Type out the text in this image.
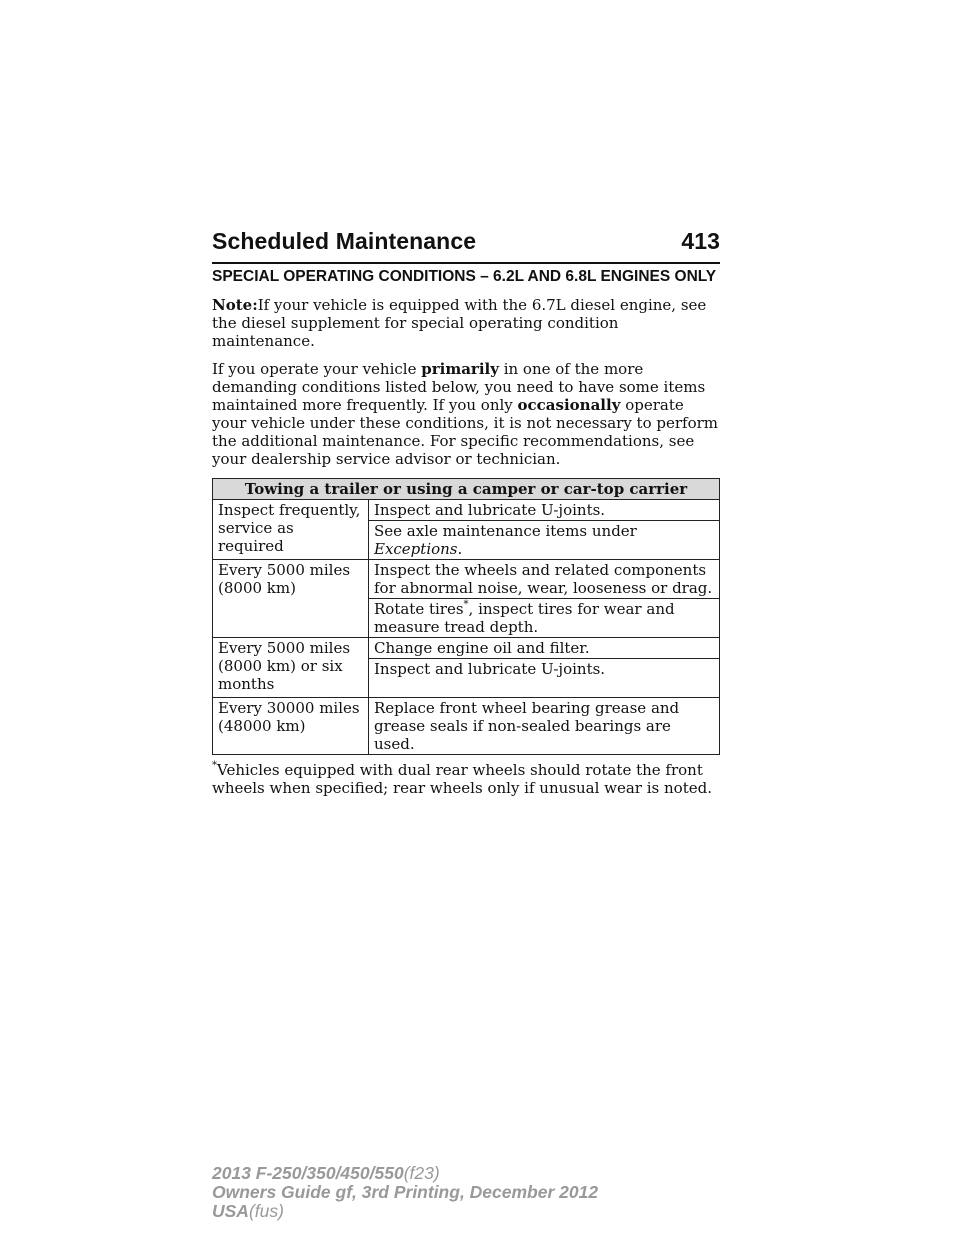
Scheduled Maintenance	413

SPECIAL OPERATING CONDITIONS – 6.2L AND 6.8L ENGINES ONLY

Note:If your vehicle is equipped with the 6.7L diesel engine, see the diesel supplement for special operating condition maintenance.

If you operate your vehicle primarily in one of the more demanding conditions listed below, you need to have some items maintained more frequently. If you only occasionally operate your vehicle under these conditions, it is not necessary to perform the additional maintenance. For specific recommendations, see your dealership service advisor or technician.

Towing a trailer or using a camper or car-top carrier	
Inspect frequently, service as required	Inspect and lubricate U-joints.
	See axle maintenance items under Exceptions.
Every 5000 miles (8000 km)	Inspect the wheels and related components for abnormal noise, wear, looseness or drag.
	Rotate tires*, inspect tires for wear and measure tread depth.
Every 5000 miles (8000 km) or six months	Change engine oil and filter.
	Inspect and lubricate U-joints.
Every 30000 miles (48000 km)	Replace front wheel bearing grease and grease seals if non-sealed bearings are used.

*Vehicles equipped with dual rear wheels should rotate the front wheels when specified; rear wheels only if unusual wear is noted.

2013 F-250/350/450/550(f23)
Owners Guide gf, 3rd Printing, December 2012
USA(fus)
